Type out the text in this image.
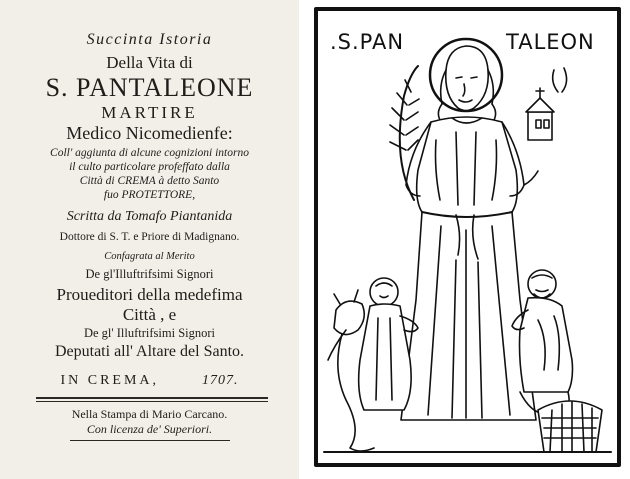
Succinta Istoria
Della Vita di
S. PANTALEONE
MARTIRE
Medico Nicomedienfe:
Coll' aggiunta di alcune cognizioni intorno
il culto particolare profeffato dalla
Città di CREMA à detto Santo
fuo PROTETTORE,
Scritta da Tomafo Piantanida
Dottore di S. T. e Priore di Madignano.
Confagrata al Merito
De gl'Illuftrifsimi Signori
Proueditori della medefima
Città , e
De gl' Illuftrifsimi Signori
Deputati all' Altare del Santo.
IN CREMA,	1707.
Nella Stampa di Mario Carcano.
Con licenza de' Superiori.
.S.PAN	TALEON
